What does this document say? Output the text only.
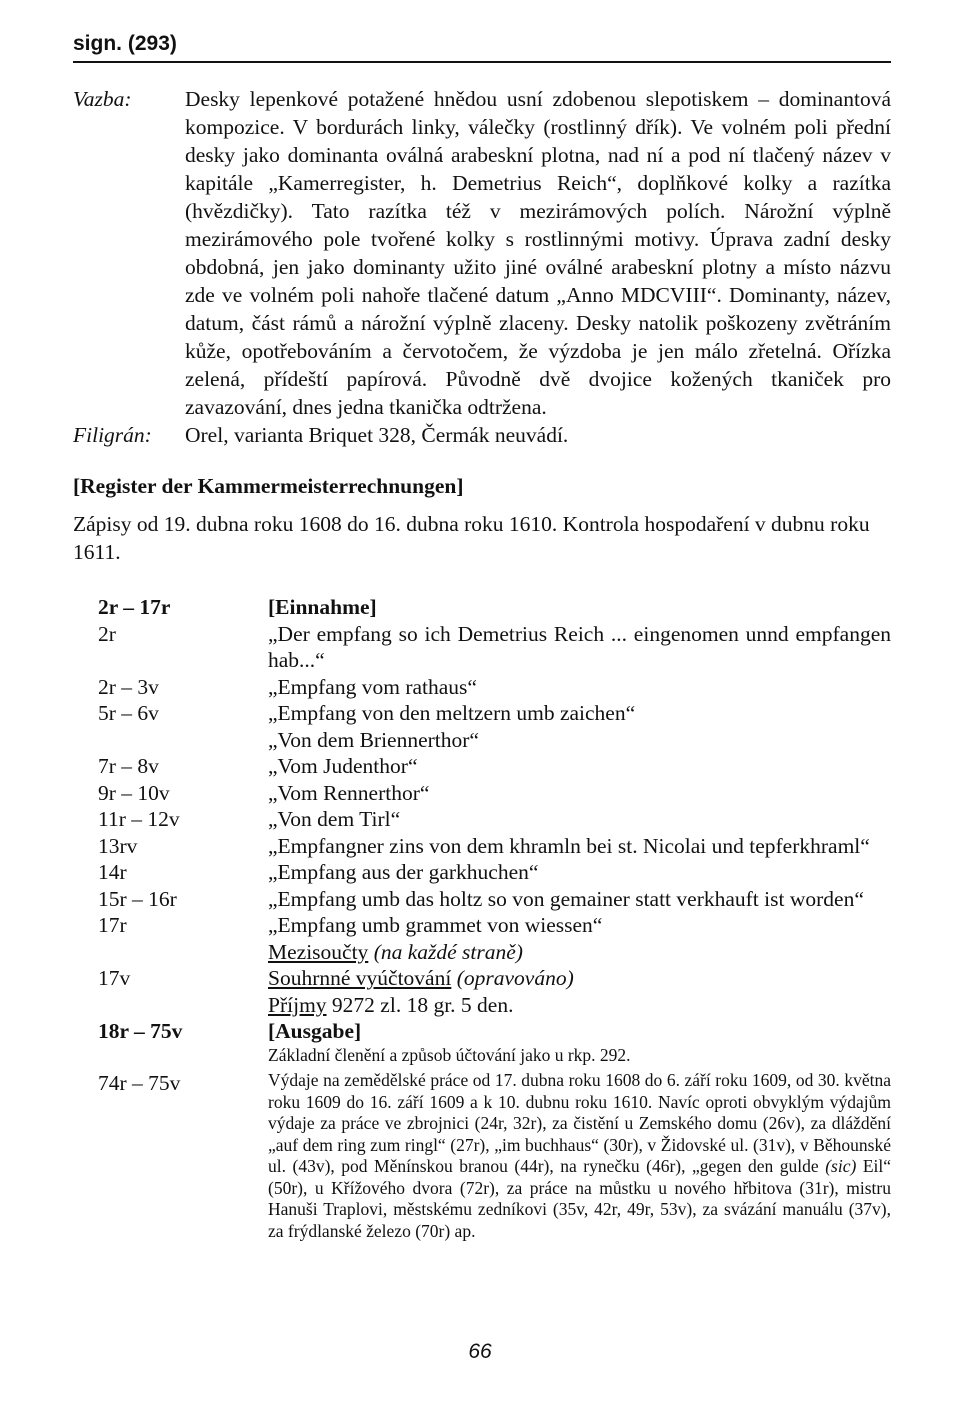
sign. (293)
Vazba:	Desky lepenkové potažené hnědou usní zdobenou slepotiskem – dominantová kompozice. V bordurách linky, válečky (rostlinný dřík). Ve volném poli přední desky jako dominanta oválná arabeskní plotna, nad ní a pod ní tlačený název v kapitále „Kamerregister, h. Demetrius Reich“, doplňkové kolky a razítka (hvězdičky). Tato razítka též v mezirámových polích. Nárožní výplně mezirámového pole tvořené kolky s rostlinnými motivy. Úprava zadní desky obdobná, jen jako dominanty užito jiné oválné arabeskní plotny a místo názvu zde ve volném poli nahoře tlačené datum „Anno MDCVIII“. Dominanty, název, datum, část rámů a nárožní výplně zlaceny. Desky natolik poškozeny zvětráním kůže, opotřebováním a červotočem, že výzdoba je jen málo zřetelná. Ořízka zelená, přídeští papírová. Původně dvě dvojice kožených tkaniček pro zavazování, dnes jedna tkanička odtržena.
Filigrán:	Orel, varianta Briquet 328, Čermák neuvádí.
[Register der Kammermeisterrechnungen]
Zápisy od 19. dubna roku 1608 do 16. dubna roku 1610. Kontrola hospodaření v dubnu roku 1611.
2r – 17r	[Einnahme]
2r	„Der empfang so ich Demetrius Reich ... eingenomen unnd empfangen hab...“
2r – 3v	„Empfang vom rathaus“
5r – 6v	„Empfang von den meltzern umb zaichen“
„Von dem Briennerthor“
7r – 8v	„Vom Judenthor“
9r – 10v	„Vom Rennerthor“
11r – 12v	„Von dem Tirl“
13rv	„Empfangner zins von dem khramln bei st. Nicolai und tepferkhraml“
14r	„Empfang aus der garkhuchen“
15r – 16r	„Empfang umb das holtz so von gemainer statt verkhauft ist worden“
17r	„Empfang umb grammet von wiessen“
Mezisoučty (na každé straně)
17v	Souhrnné vyúčtování (opravováno)
Příjmy 9272 zl. 18 gr. 5 den.
18r – 75v	[Ausgabe]
Základní členění a způsob účtování jako u rkp. 292.
74r – 75v	Výdaje na zemědělské práce od 17. dubna roku 1608 do 6. září roku 1609, od 30. května roku 1609 do 16. září 1609 a k 10. dubnu roku 1610. Navíc oproti obvyklým výdajům výdaje za práce ve zbrojnici (24r, 32r), za čistění u Zemského domu (26v), za dláždění „auf dem ring zum ringl“ (27r), „im buchhaus“ (30r), v Židovské ul. (31v), v Běhounské ul. (43v), pod Měnínskou branou (44r), na rynečku (46r), „gegen den gulde (sic) Eil“ (50r), u Křížového dvora (72r), za práce na můstku u nového hřbitova (31r), mistru Hanuši Traplovi, městskému zedníkovi (35v, 42r, 49r, 53v), za svázání manuálu (37v), za frýdlanské železo (70r) ap.
66
